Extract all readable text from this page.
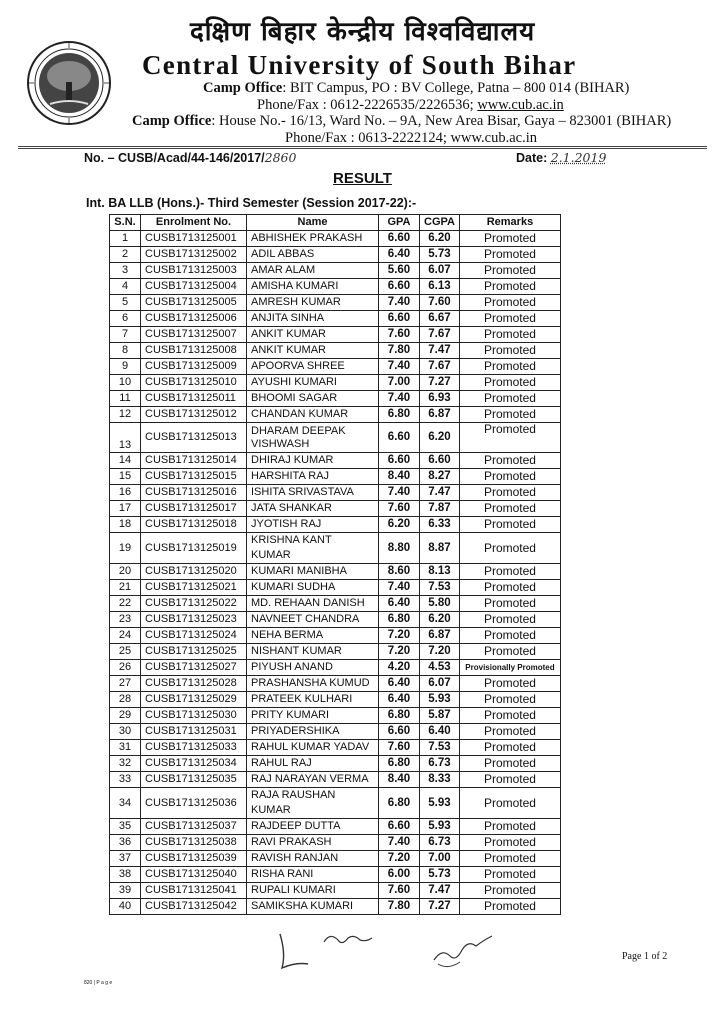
दक्षिण बिहार केन्द्रीय विश्वविद्यालय
Central University of South Bihar
Camp Office: BIT Campus, PO : BV College, Patna – 800 014 (BIHAR)
Phone/Fax : 0612-2226535/2226536; www.cub.ac.in
Camp Office: House No.- 16/13, Ward No. – 9A, New Area Bisar, Gaya – 823001 (BIHAR)
Phone/Fax : 0613-2222124; www.cub.ac.in
No. – CUSB/Acad/44-146/2017/2860	Date: 2.1.2019
RESULT
Int. BA LLB (Hons.)- Third Semester (Session 2017-22):-
S.N.	Enrolment No.	Name	GPA	CGPA	Remarks
1	CUSB1713125001	ABHISHEK PRAKASH	6.60	6.20	Promoted
2	CUSB1713125002	ADIL ABBAS	6.40	5.73	Promoted
3	CUSB1713125003	AMAR ALAM	5.60	6.07	Promoted
4	CUSB1713125004	AMISHA KUMARI	6.60	6.13	Promoted
5	CUSB1713125005	AMRESH KUMAR	7.40	7.60	Promoted
6	CUSB1713125006	ANJITA SINHA	6.60	6.67	Promoted
7	CUSB1713125007	ANKIT KUMAR	7.60	7.67	Promoted
8	CUSB1713125008	ANKIT KUMAR	7.80	7.47	Promoted
9	CUSB1713125009	APOORVA SHREE	7.40	7.67	Promoted
10	CUSB1713125010	AYUSHI KUMARI	7.00	7.27	Promoted
11	CUSB1713125011	BHOOMI SAGAR	7.40	6.93	Promoted
12	CUSB1713125012	CHANDAN KUMAR	6.80	6.87	Promoted
13	CUSB1713125013	DHARAM DEEPAK VISHWASH	6.60	6.20	Promoted
14	CUSB1713125014	DHIRAJ KUMAR	6.60	6.60	Promoted
15	CUSB1713125015	HARSHITA RAJ	8.40	8.27	Promoted
16	CUSB1713125016	ISHITA SRIVASTAVA	7.40	7.47	Promoted
17	CUSB1713125017	JATA SHANKAR	7.60	7.87	Promoted
18	CUSB1713125018	JYOTISH RAJ	6.20	6.33	Promoted
19	CUSB1713125019	KRISHNA KANT KUMAR	8.80	8.87	Promoted
20	CUSB1713125020	KUMARI MANIBHA	8.60	8.13	Promoted
21	CUSB1713125021	KUMARI SUDHA	7.40	7.53	Promoted
22	CUSB1713125022	MD. REHAAN DANISH	6.40	5.80	Promoted
23	CUSB1713125023	NAVNEET CHANDRA	6.80	6.20	Promoted
24	CUSB1713125024	NEHA BERMA	7.20	6.87	Promoted
25	CUSB1713125025	NISHANT KUMAR	7.20	7.20	Promoted
26	CUSB1713125027	PIYUSH ANAND	4.20	4.53	Provisionally Promoted
27	CUSB1713125028	PRASHANSHA KUMUD	6.40	6.07	Promoted
28	CUSB1713125029	PRATEEK KULHARI	6.40	5.93	Promoted
29	CUSB1713125030	PRITY KUMARI	6.80	5.87	Promoted
30	CUSB1713125031	PRIYADERSHIKA	6.60	6.40	Promoted
31	CUSB1713125033	RAHUL KUMAR YADAV	7.60	7.53	Promoted
32	CUSB1713125034	RAHUL RAJ	6.80	6.73	Promoted
33	CUSB1713125035	RAJ NARAYAN VERMA	8.40	8.33	Promoted
34	CUSB1713125036	RAJA RAUSHAN KUMAR	6.80	5.93	Promoted
35	CUSB1713125037	RAJDEEP DUTTA	6.60	5.93	Promoted
36	CUSB1713125038	RAVI PRAKASH	7.40	6.73	Promoted
37	CUSB1713125039	RAVISH RANJAN	7.20	7.00	Promoted
38	CUSB1713125040	RISHA RANI	6.00	5.73	Promoted
39	CUSB1713125041	RUPALI KUMARI	7.60	7.47	Promoted
40	CUSB1713125042	SAMIKSHA KUMARI	7.80	7.27	Promoted
Page 1 of 2
820 | P a g e
